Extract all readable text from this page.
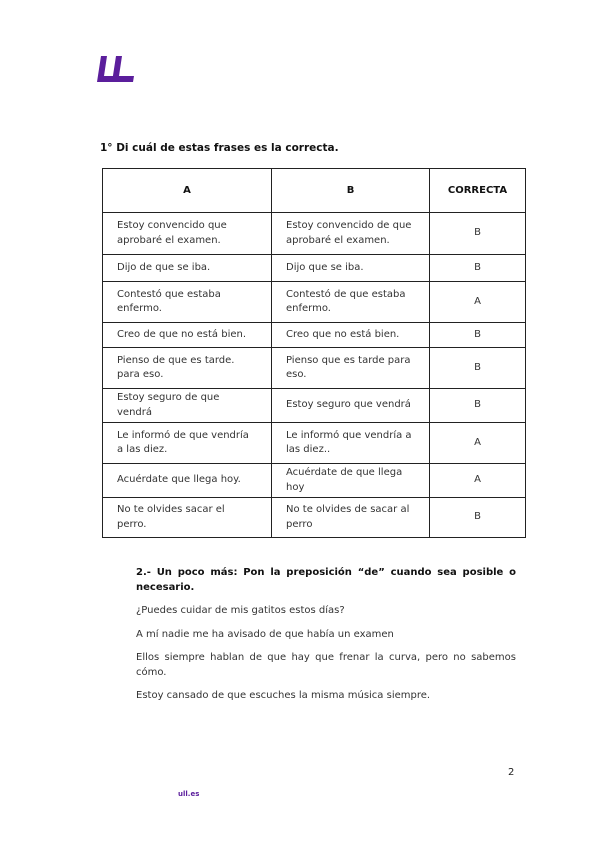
1° Di cuál de estas frases es la correcta.
A	B	CORRECTA
Estoy convencido que aprobaré el examen.	Estoy convencido de que aprobaré el examen.	B
Dijo de que se iba.	Dijo que se iba.	B
Contestó que estaba enfermo.	Contestó de que estaba enfermo.	A
Creo de que no está bien.	Creo que no está bien.	B
Pienso de que es tarde. para eso.	Pienso que es tarde para eso.	B
Estoy seguro de que vendrá	Estoy seguro que vendrá	B
Le informó de que vendría a las diez.	Le informó que vendría a las diez..	A
Acuérdate que llega hoy.	Acuérdate de que llega hoy	A
No te olvides sacar el perro.	No te olvides de sacar al perro	B

2.- Un poco más: Pon la preposición “de” cuando sea posible o necesario.

¿Puedes cuidar de mis gatitos estos días?

A mí nadie me ha avisado de que había un examen

Ellos siempre hablan de que hay que frenar la curva, pero no sabemos cómo.

Estoy cansado de que escuches la misma música siempre.

2
ull.es
